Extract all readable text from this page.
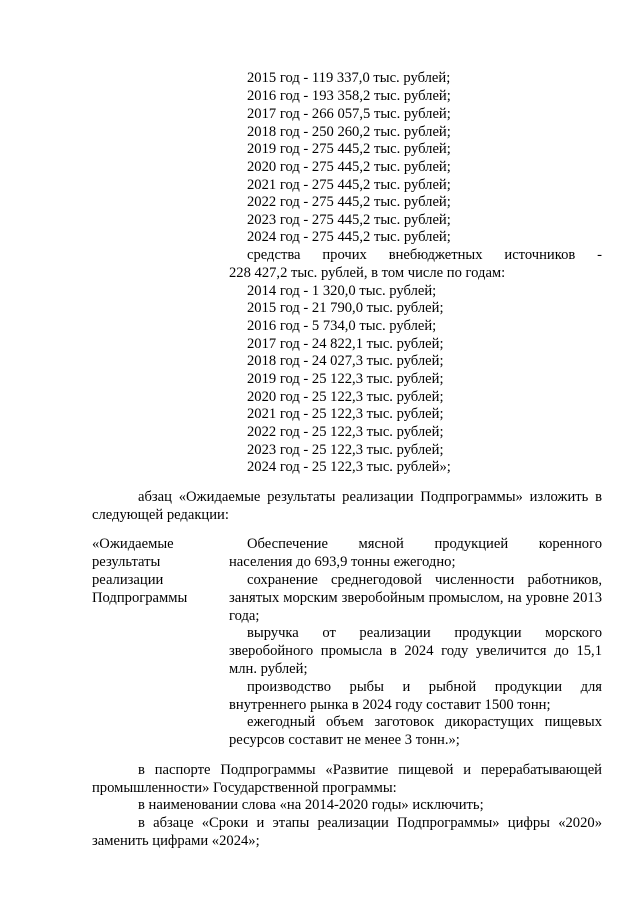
2015 год - 119 337,0 тыс. рублей;
2016 год - 193 358,2 тыс. рублей;
2017 год - 266 057,5 тыс. рублей;
2018 год - 250 260,2 тыс. рублей;
2019 год - 275 445,2 тыс. рублей;
2020 год - 275 445,2 тыс. рублей;
2021 год - 275 445,2 тыс. рублей;
2022 год - 275 445,2 тыс. рублей;
2023 год - 275 445,2 тыс. рублей;
2024 год - 275 445,2 тыс. рублей;
средства прочих внебюджетных источников -
228 427,2 тыс. рублей, в том числе по годам:
2014 год - 1 320,0 тыс. рублей;
2015 год - 21 790,0 тыс. рублей;
2016 год - 5 734,0 тыс. рублей;
2017 год - 24 822,1 тыс. рублей;
2018 год - 24 027,3 тыс. рублей;
2019 год - 25 122,3 тыс. рублей;
2020 год - 25 122,3 тыс. рублей;
2021 год - 25 122,3 тыс. рублей;
2022 год - 25 122,3 тыс. рублей;
2023 год - 25 122,3 тыс. рублей;
2024 год - 25 122,3 тыс. рублей»;
абзац «Ожидаемые результаты реализации Подпрограммы» изложить в
следующей редакции:
«Ожидаемые
результаты
реализации
Подпрограммы
Обеспечение мясной продукцией коренного
населения до 693,9 тонны ежегодно;
сохранение среднегодовой численности работников,
занятых морским зверобойным промыслом, на уровне 2013 года;
выручка от реализации продукции морского
зверобойного промысла в 2024 году увеличится до 15,1 млн. рублей;
производство рыбы и рыбной продукции для
внутреннего рынка в 2024 году составит 1500 тонн;
ежегодный объем заготовок дикорастущих пищевых
ресурсов составит не менее 3 тонн.»;
в паспорте Подпрограммы «Развитие пищевой и перерабатывающей
промышленности» Государственной программы:
в наименовании слова «на 2014-2020 годы» исключить;
в абзаце «Сроки и этапы реализации Подпрограммы» цифры «2020»
заменить цифрами «2024»;
